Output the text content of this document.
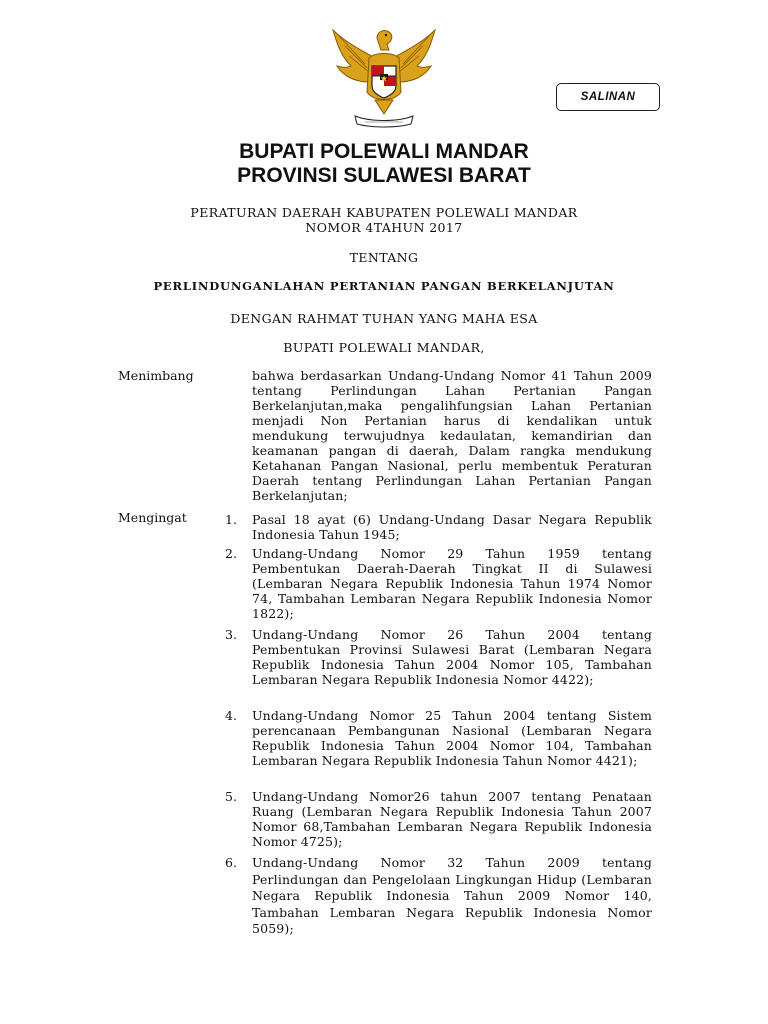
SALINAN
BUPATI POLEWALI MANDAR
PROVINSI SULAWESI BARAT
PERATURAN DAERAH KABUPATEN POLEWALI MANDAR
NOMOR 4TAHUN 2017
TENTANG
PERLINDUNGANLAHAN PERTANIAN PANGAN BERKELANJUTAN
DENGAN RAHMAT TUHAN YANG MAHA ESA
BUPATI POLEWALI MANDAR,
Menimbang	bahwa berdasarkan Undang-Undang Nomor 41 Tahun 2009 tentang Perlindungan Lahan Pertanian Pangan Berkelanjutan,maka pengalihfungsian Lahan Pertanian menjadi Non Pertanian harus di kendalikan untuk mendukung terwujudnya kedaulatan, kemandirian dan keamanan pangan di daerah, Dalam rangka mendukung Ketahanan Pangan Nasional, perlu membentuk Peraturan Daerah tentang Perlindungan Lahan Pertanian Pangan Berkelanjutan;
Mengingat	1. Pasal 18 ayat (6) Undang-Undang Dasar Negara Republik Indonesia Tahun 1945;
2. Undang-Undang Nomor 29 Tahun 1959 tentang Pembentukan Daerah-Daerah Tingkat II di Sulawesi (Lembaran Negara Republik Indonesia Tahun 1974 Nomor 74, Tambahan Lembaran Negara Republik Indonesia Nomor 1822);
3. Undang-Undang Nomor 26 Tahun 2004 tentang Pembentukan Provinsi Sulawesi Barat (Lembaran Negara Republik Indonesia Tahun 2004 Nomor 105, Tambahan Lembaran Negara Republik Indonesia Nomor 4422);
4. Undang-Undang Nomor 25 Tahun 2004 tentang Sistem perencanaan Pembangunan Nasional (Lembaran Negara Republik Indonesia Tahun 2004 Nomor 104, Tambahan Lembaran Negara Republik Indonesia Tahun Nomor 4421);
5. Undang-Undang Nomor26 tahun 2007 tentang Penataan Ruang (Lembaran Negara Republik Indonesia Tahun 2007 Nomor 68,Tambahan Lembaran Negara Republik Indonesia Nomor 4725);
6. Undang-Undang Nomor 32 Tahun 2009 tentang Perlindungan dan Pengelolaan Lingkungan Hidup (Lembaran Negara Republik Indonesia Tahun 2009 Nomor 140, Tambahan Lembaran Negara Republik Indonesia Nomor 5059);
